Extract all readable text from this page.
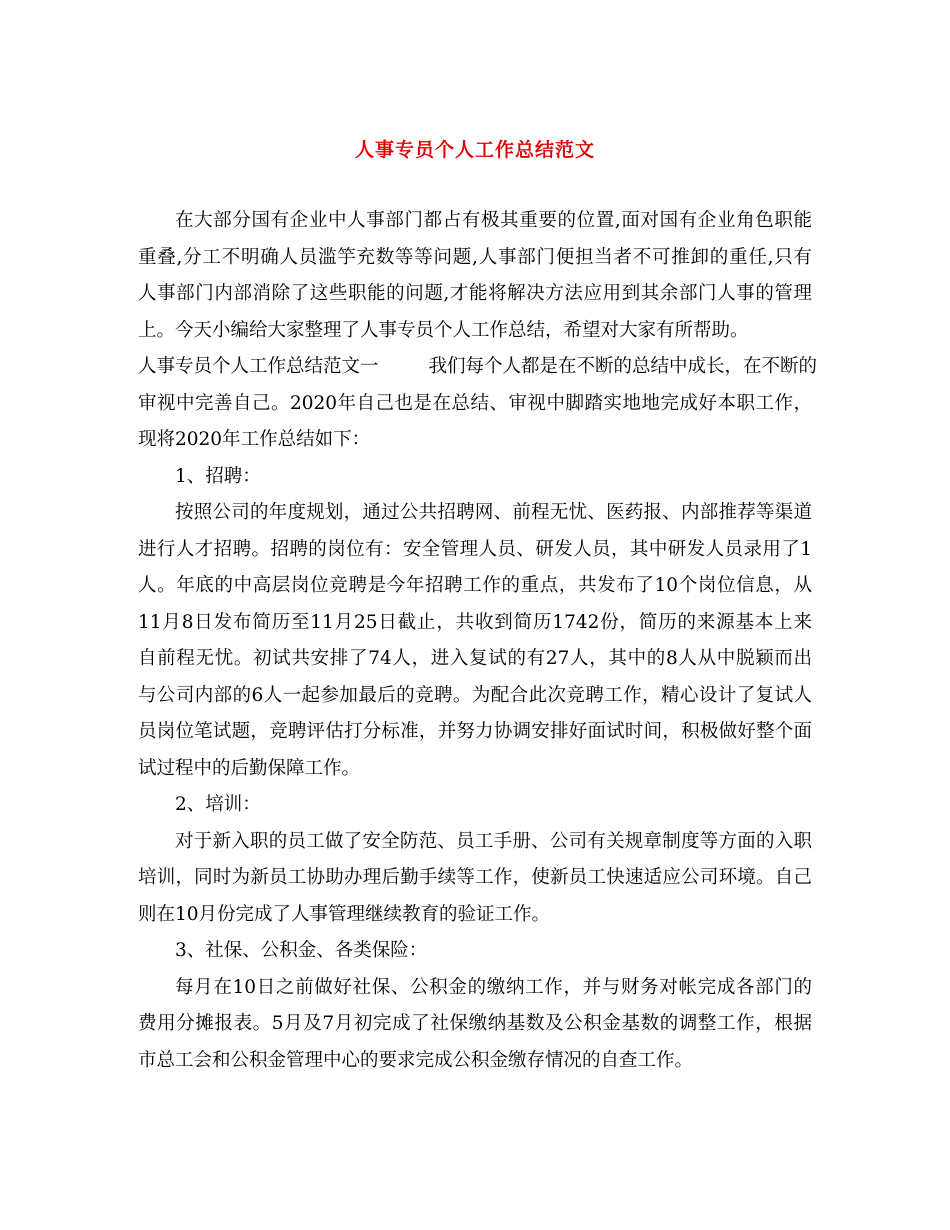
人事专员个人工作总结范文
在大部分国有企业中人事部门都占有极其重要的位置,面对国有企业角色职能
重叠,分工不明确人员滥竽充数等等问题,人事部门便担当者不可推卸的重任,只有
人事部门内部消除了这些职能的问题,才能将解决方法应用到其余部门人事的管理
上。今天小编给大家整理了人事专员个人工作总结，希望对大家有所帮助。
人事专员个人工作总结范文一	我们每个人都是在不断的总结中成长，在不断的
审视中完善自己。2020年自己也是在总结、审视中脚踏实地地完成好本职工作，
现将2020年工作总结如下：
1、招聘：
按照公司的年度规划，通过公共招聘网、前程无忧、医药报、内部推荐等渠道
进行人才招聘。招聘的岗位有：安全管理人员、研发人员，其中研发人员录用了1
人。年底的中高层岗位竞聘是今年招聘工作的重点，共发布了10个岗位信息，从
11月8日发布简历至11月25日截止，共收到简历1742份，简历的来源基本上来
自前程无忧。初试共安排了74人，进入复试的有27人，其中的8人从中脱颖而出
与公司内部的6人一起参加最后的竞聘。为配合此次竞聘工作，精心设计了复试人
员岗位笔试题，竞聘评估打分标准，并努力协调安排好面试时间，积极做好整个面
试过程中的后勤保障工作。
2、培训：
对于新入职的员工做了安全防范、员工手册、公司有关规章制度等方面的入职
培训，同时为新员工协助办理后勤手续等工作，使新员工快速适应公司环境。自己
则在10月份完成了人事管理继续教育的验证工作。
3、社保、公积金、各类保险：
每月在10日之前做好社保、公积金的缴纳工作，并与财务对帐完成各部门的
费用分摊报表。5月及7月初完成了社保缴纳基数及公积金基数的调整工作，根据
市总工会和公积金管理中心的要求完成公积金缴存情况的自查工作。
